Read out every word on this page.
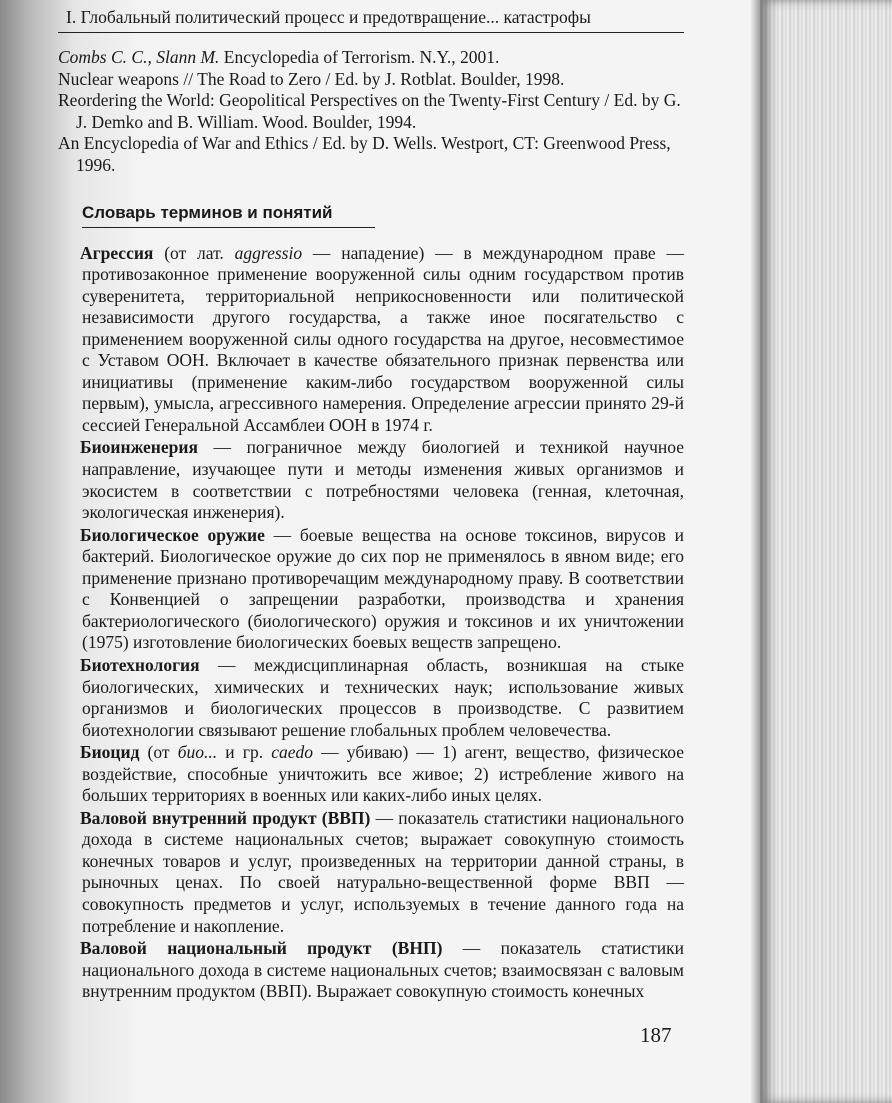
I. Глобальный политический процесс и предотвращение... катастрофы

Combs C. C., Slann M. Encyclopedia of Terrorism. N.Y., 2001.

Nuclear weapons // The Road to Zero / Ed. by J. Rotblat. Boulder, 1998.

Reordering the World: Geopolitical Perspectives on the Twenty-First Century / Ed. by G. J. Demko and B. William. Wood. Boulder, 1994.

An Encyclopedia of War and Ethics / Ed. by D. Wells. Westport, CT: Greenwood Press, 1996.

Словарь терминов и понятий

Агрессия (от лат. aggressio — нападение) — в международном праве — противозаконное применение вооруженной силы одним государством против суверенитета, территориальной неприкосновенности или политической независимости другого государства, а также иное посягательство с применением вооруженной силы одного государства на другое, несовместимое с Уставом ООН. Включает в качестве обязательного признак первенства или инициативы (применение каким-либо государством вооруженной силы первым), умысла, агрессивного намерения. Определение агрессии принято 29-й сессией Генеральной Ассамблеи ООН в 1974 г.

Биоинженерия — пограничное между биологией и техникой научное направление, изучающее пути и методы изменения живых организмов и экосистем в соответствии с потребностями человека (генная, клеточная, экологическая инженерия).

Биологическое оружие — боевые вещества на основе токсинов, вирусов и бактерий. Биологическое оружие до сих пор не применялось в явном виде; его применение признано противоречащим международному праву. В соответствии с Конвенцией о запрещении разработки, производства и хранения бактериологического (биологического) оружия и токсинов и их уничтожении (1975) изготовление биологических боевых веществ запрещено.

Биотехнология — междисциплинарная область, возникшая на стыке биологических, химических и технических наук; использование живых организмов и биологических процессов в производстве. С развитием биотехнологии связывают решение глобальных проблем человечества.

Биоцид (от био... и гр. caedo — убиваю) — 1) агент, вещество, физическое воздействие, способные уничтожить все живое; 2) истребление живого на больших территориях в военных или каких-либо иных целях.

Валовой внутренний продукт (ВВП) — показатель статистики национального дохода в системе национальных счетов; выражает совокупную стоимость конечных товаров и услуг, произведенных на территории данной страны, в рыночных ценах. По своей натурально-вещественной форме ВВП — совокупность предметов и услуг, используемых в течение данного года на потребление и накопление.

Валовой национальный продукт (ВНП) — показатель статистики национального дохода в системе национальных счетов; взаимосвязан с валовым внутренним продуктом (ВВП). Выражает совокупную стоимость конечных

187
